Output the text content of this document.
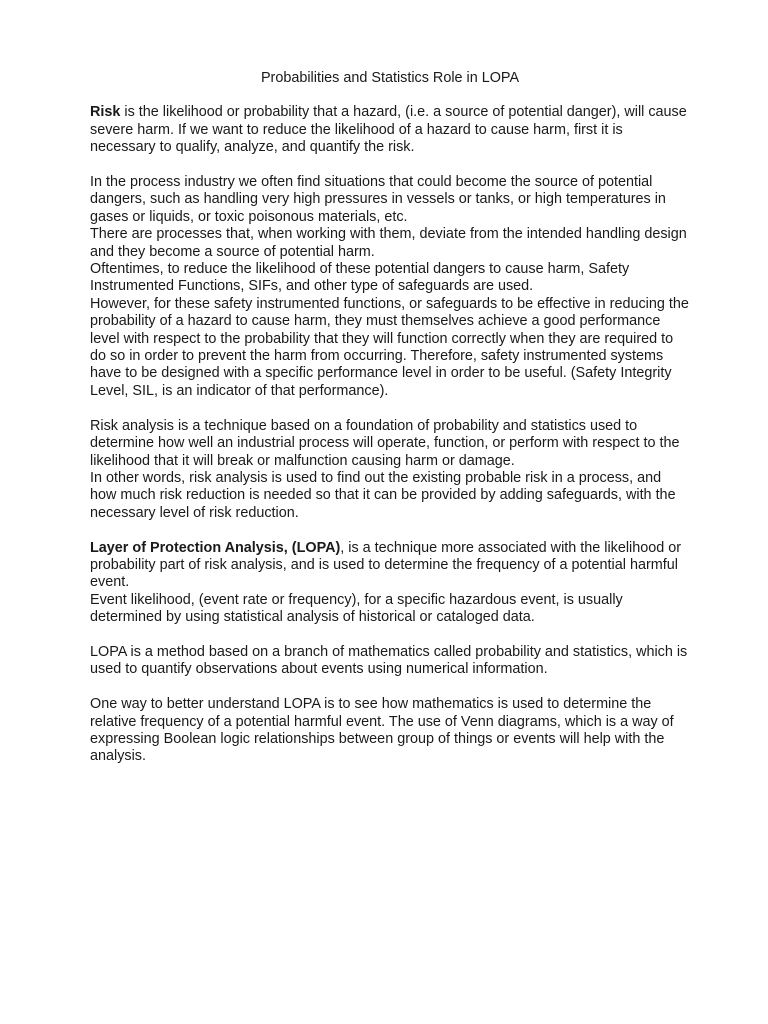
Probabilities and Statistics Role in LOPA

Risk is the likelihood or probability that a hazard, (i.e. a source of potential danger), will cause severe harm. If we want to reduce the likelihood of a hazard to cause harm, first it is necessary to qualify, analyze, and quantify the risk.

In the process industry we often find situations that could become the source of potential dangers, such as handling very high pressures in vessels or tanks, or high temperatures in gases or liquids, or toxic poisonous materials, etc.
There are processes that, when working with them, deviate from the intended handling design and they become a source of potential harm.
Oftentimes, to reduce the likelihood of these potential dangers to cause harm, Safety Instrumented Functions, SIFs, and other type of safeguards are used.
However, for these safety instrumented functions, or safeguards to be effective in reducing the probability of a hazard to cause harm, they must themselves achieve a good performance level with respect to the probability that they will function correctly when they are required to do so in order to prevent the harm from occurring. Therefore, safety instrumented systems have to be designed with a specific performance level in order to be useful. (Safety Integrity Level, SIL, is an indicator of that performance).

Risk analysis is a technique based on a foundation of probability and statistics used to determine how well an industrial process will operate, function, or perform with respect to the likelihood that it will break or malfunction causing harm or damage.
In other words, risk analysis is used to find out the existing probable risk in a process, and how much risk reduction is needed so that it can be provided by adding safeguards, with the necessary level of risk reduction.

Layer of Protection Analysis, (LOPA), is a technique more associated with the likelihood or probability part of risk analysis, and is used to determine the frequency of a potential harmful event.
Event likelihood, (event rate or frequency), for a specific hazardous event, is usually determined by using statistical analysis of historical or cataloged data.

LOPA is a method based on a branch of mathematics called probability and statistics, which is used to quantify observations about events using numerical information.

One way to better understand LOPA is to see how mathematics is used to determine the relative frequency of a potential harmful event. The use of Venn diagrams, which is a way of expressing Boolean logic relationships between group of things or events will help with the analysis.
